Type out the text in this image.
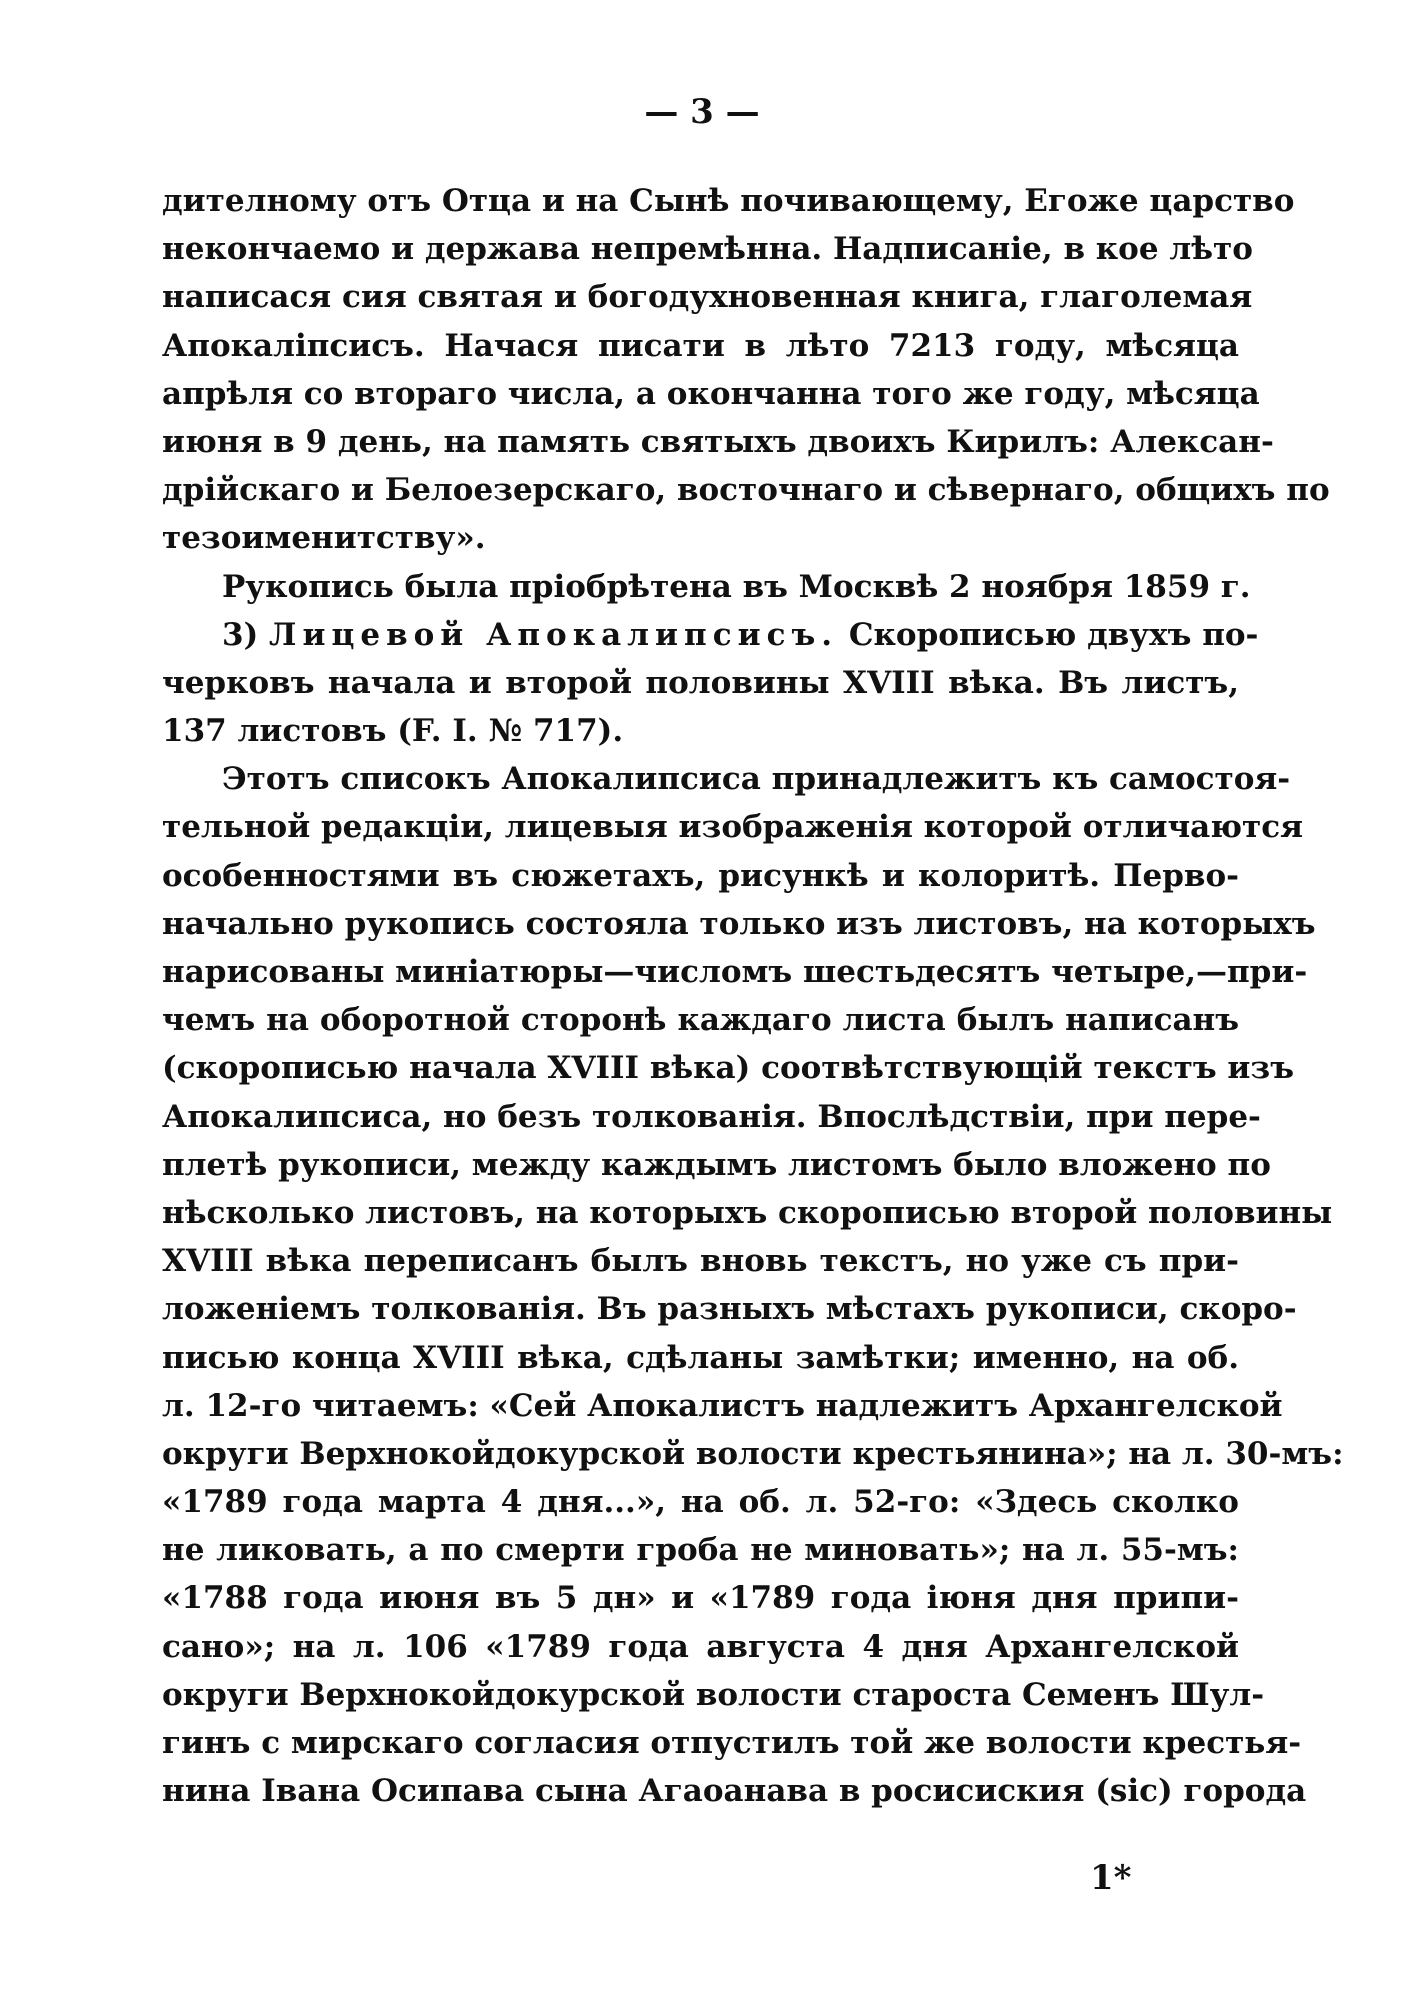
— 3 —
дителному отъ Отца и на Сынѣ почивающему, Егоже царство
некончаемо и держава непремѣнна. Надписаніе, в кое лѣто
написася сия святая и богодухновенная книга, глаголемая
Апокаліпсисъ. Начася писати в лѣто 7213 году, мѣсяца
апрѣля со втораго числа, а окончанна того же году, мѣсяца
июня в 9 день, на память святыхъ двоихъ Кирилъ: Алексан-
дрійскаго и Белоезерскаго, восточнаго и сѣвернаго, общихъ по
тезоименитству».
Рукопись была пріобрѣтена въ Москвѣ 2 ноября 1859 г.
3) Лицевой Апокалипсисъ. Скорописью двухъ по-
черковъ начала и второй половины XVIII вѣка. Въ листъ,
137 листовъ (F. I. № 717).
Этотъ списокъ Апокалипсиса принадлежитъ къ самостоя-
тельной редакціи, лицевыя изображенія которой отличаются
особенностями въ сюжетахъ, рисункѣ и колоритѣ. Перво-
начально рукопись состояла только изъ листовъ, на которыхъ
нарисованы миніатюры—числомъ шестьдесятъ четыре,—при-
чемъ на оборотной сторонѣ каждаго листа былъ написанъ
(скорописью начала XVIII вѣка) соотвѣтствующій текстъ изъ
Апокалипсиса, но безъ толкованія. Впослѣдствіи, при пере-
плетѣ рукописи, между каждымъ листомъ было вложено по
нѣсколько листовъ, на которыхъ скорописью второй половины
XVIII вѣка переписанъ былъ вновь текстъ, но уже съ при-
ложеніемъ толкованія. Въ разныхъ мѣстахъ рукописи, скоро-
писью конца XVIII вѣка, сдѣланы замѣтки; именно, на об.
л. 12-го читаемъ: «Сей Апокалистъ надлежитъ Архангелской
округи Верхнокойдокурской волости крестьянина»; на л. 30-мъ:
«1789 года марта 4 дня...», на об. л. 52-го: «Здесь сколко
не ликовать, а по смерти гроба не миновать»; на л. 55-мъ:
«1788 года июня въ 5 дн» и «1789 года іюня дня припи-
сано»; на л. 106 «1789 года августа 4 дня Архангелской
округи Верхнокойдокурской волости староста Семенъ Шул-
гинъ с мирскаго согласия отпустилъ той же волости крестья-
нина Івана Осипава сына Агаоанава в росисиския (sic) города
1*
